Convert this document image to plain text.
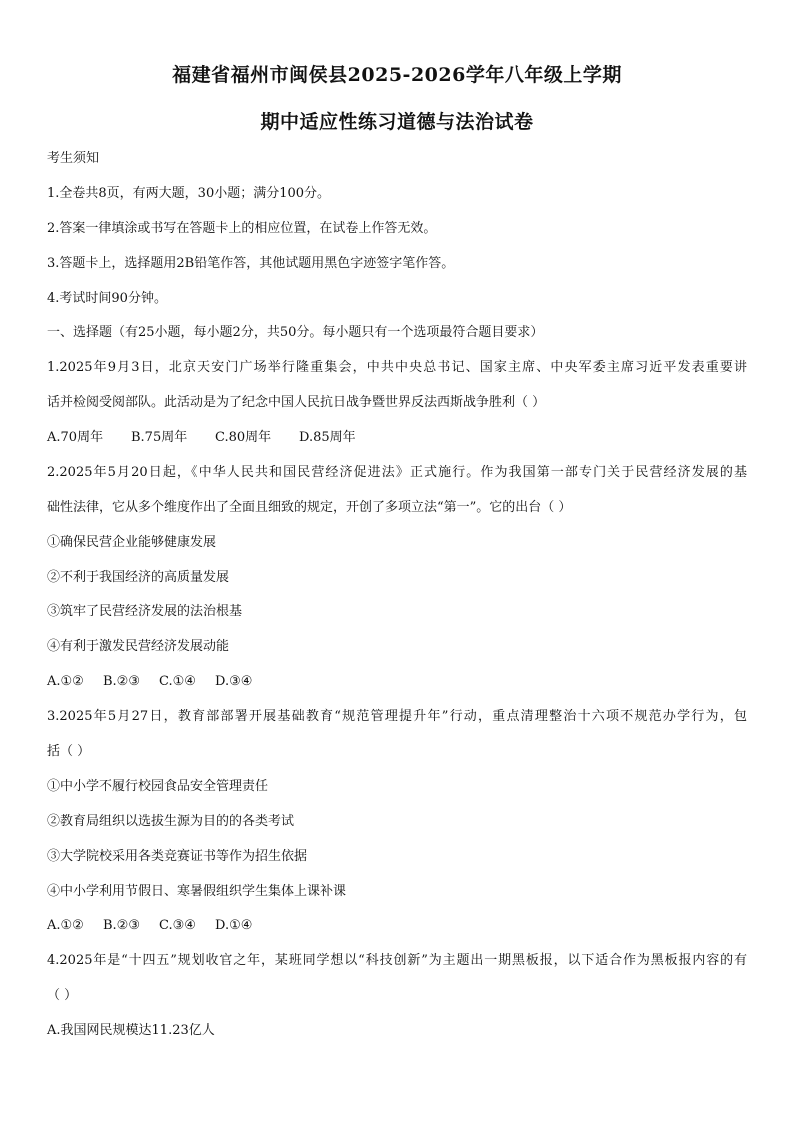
福建省福州市闽侯县2025-2026学年八年级上学期
期中适应性练习道德与法治试卷
考生须知
1.全卷共8页，有两大题，30小题；满分100分。
2.答案一律填涂或书写在答题卡上的相应位置，在试卷上作答无效。
3.答题卡上，选择题用2B铅笔作答，其他试题用黑色字迹签字笔作答。
4.考试时间90分钟。
一、选择题（有25小题，每小题2分，共50分。每小题只有一个选项最符合题目要求）
1.2025年9月3日，北京天安门广场举行隆重集会，中共中央总书记、国家主席、中央军委主席习近平发表重要讲
话并检阅受阅部队。此活动是为了纪念中国人民抗日战争暨世界反法西斯战争胜利（ ）
A.70周年 B.75周年 C.80周年 D.85周年
2.2025年5月20日起，《中华人民共和国民营经济促进法》正式施行。作为我国第一部专门关于民营经济发展的基
础性法律，它从多个维度作出了全面且细致的规定，开创了多项立法“第一”。它的出台（ ）
①确保民营企业能够健康发展
②不利于我国经济的高质量发展
③筑牢了民营经济发展的法治根基
④有利于激发民营经济发展动能
A.①② B.②③ C.①④ D.③④
3.2025年5月27日，教育部部署开展基础教育“规范管理提升年”行动，重点清理整治十六项不规范办学行为，包
括（ ）
①中小学不履行校园食品安全管理责任
②教育局组织以选拔生源为目的的各类考试
③大学院校采用各类竞赛证书等作为招生依据
④中小学利用节假日、寒暑假组织学生集体上课补课
A.①② B.②③ C.③④ D.①④
4.2025年是“十四五”规划收官之年，某班同学想以“科技创新”为主题出一期黑板报，以下适合作为黑板报内容的有
（ ）
A.我国网民规模达11.23亿人
